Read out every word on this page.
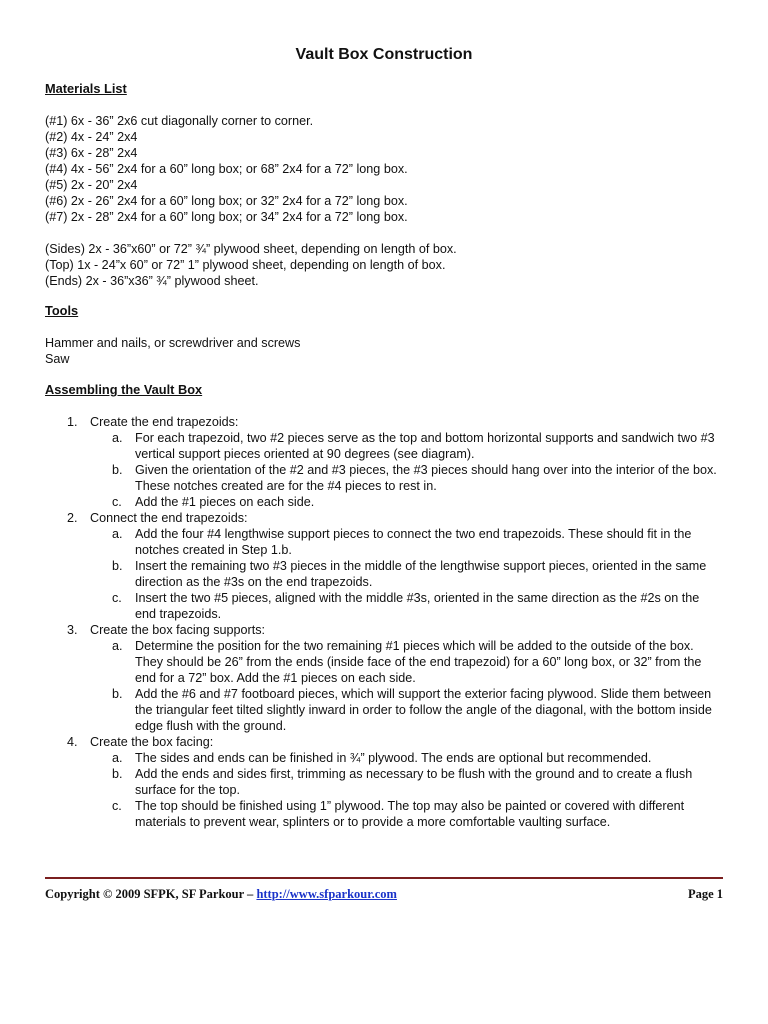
Vault Box Construction
Materials List
(#1) 6x - 36” 2x6 cut diagonally corner to corner.
(#2) 4x - 24” 2x4
(#3) 6x - 28” 2x4
(#4) 4x - 56” 2x4 for a 60” long box; or 68” 2x4 for a 72” long box.
(#5) 2x - 20” 2x4
(#6) 2x - 26” 2x4 for a 60” long box; or 32” 2x4 for a 72” long box.
(#7) 2x - 28” 2x4 for a 60” long box; or 34” 2x4 for a 72” long box.
(Sides) 2x - 36”x60” or 72” ¾” plywood sheet, depending on length of box.
(Top) 1x - 24”x 60” or 72” 1” plywood sheet, depending on length of box.
(Ends) 2x - 36”x36” ¾” plywood sheet.
Tools
Hammer and nails, or screwdriver and screws
Saw
Assembling the Vault Box
1. Create the end trapezoids:
a. For each trapezoid, two #2 pieces serve as the top and bottom horizontal supports and sandwich two #3 vertical support pieces oriented at 90 degrees (see diagram).
b. Given the orientation of the #2 and #3 pieces, the #3 pieces should hang over into the interior of the box. These notches created are for the #4 pieces to rest in.
c.	Add the #1 pieces on each side.
2. Connect the end trapezoids:
a. Add the four #4 lengthwise support pieces to connect the two end trapezoids. These should fit in the notches created in Step 1.b.
b. Insert the remaining two #3 pieces in the middle of the lengthwise support pieces, oriented in the same direction as the #3s on the end trapezoids.
c.	Insert the two #5 pieces, aligned with the middle #3s, oriented in the same direction as the #2s on the end trapezoids.
3. Create the box facing supports:
a. Determine the position for the two remaining #1 pieces which will be added to the outside of the box. They should be 26” from the ends (inside face of the end trapezoid) for a 60” long box, or 32” from the end for a 72” box. Add the #1 pieces on each side.
b. Add the #6 and #7 footboard pieces, which will support the exterior facing plywood. Slide them between the triangular feet tilted slightly inward in order to follow the angle of the diagonal, with the bottom inside edge flush with the ground.
4. Create the box facing:
a. The sides and ends can be finished in ¾” plywood. The ends are optional but recommended.
b. Add the ends and sides first, trimming as necessary to be flush with the ground and to create a flush surface for the top.
c.	The top should be finished using 1” plywood. The top may also be painted or covered with different materials to prevent wear, splinters or to provide a more comfortable vaulting surface.
Copyright © 2009 SFPK, SF Parkour – http://www.sfparkour.com	Page 1
